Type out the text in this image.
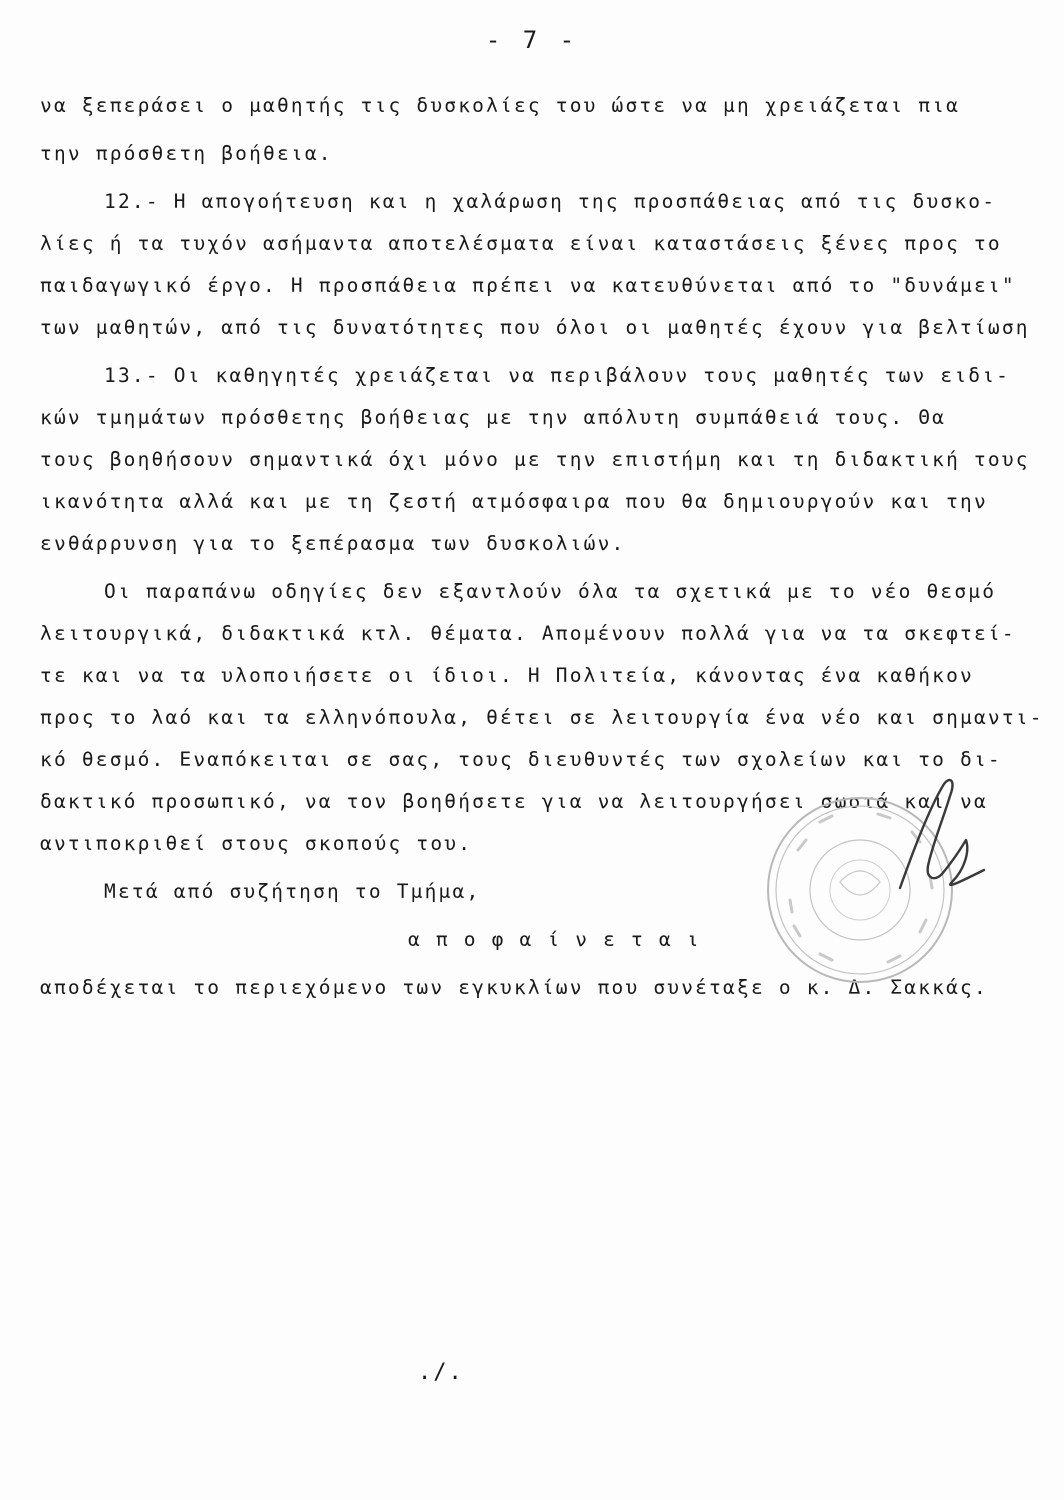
- 7 -
να ξεπεράσει ο μαθητής τις δυσκολίες του ώστε να μη χρειάζεται πια
την πρόσθετη βοήθεια.
12.- Η απογοήτευση και η χαλάρωση της προσπάθειας από τις δυσκο-
λίες ή τα τυχόν ασήμαντα αποτελέσματα είναι καταστάσεις ξένες προς το
παιδαγωγικό έργο. Η προσπάθεια πρέπει να κατευθύνεται από το "δυνάμει"
των μαθητών, από τις δυνατότητες που όλοι οι μαθητές έχουν για βελτίωση
13.- Οι καθηγητές χρειάζεται να περιβάλουν τους μαθητές των ειδι-
κών τμημάτων πρόσθετης βοήθειας με την απόλυτη συμπάθειά τους. Θα
τους βοηθήσουν σημαντικά όχι μόνο με την επιστήμη και τη διδακτική τους
ικανότητα αλλά και με τη ζεστή ατμόσφαιρα που θα δημιουργούν και την
ενθάρρυνση για το ξεπέρασμα των δυσκολιών.
Οι παραπάνω οδηγίες δεν εξαντλούν όλα τα σχετικά με το νέο θεσμό
λειτουργικά, διδακτικά κτλ. θέματα. Απομένουν πολλά για να τα σκεφτεί-
τε και να τα υλοποιήσετε οι ίδιοι. Η Πολιτεία, κάνοντας ένα καθήκον
προς το λαό και τα ελληνόπουλα, θέτει σε λειτουργία ένα νέο και σημαντι-
κό θεσμό. Εναπόκειται σε σας, τους διευθυντές των σχολείων και το δι-
δακτικό προσωπικό, να τον βοηθήσετε για να λειτουργήσει σωστά και να
αντιποκριθεί στους σκοπούς του.
Μετά από συζήτηση το Τμήμα,
α π ο φ α ί ν ε τ α ι
αποδέχεται το περιεχόμενο των εγκυκλίων που συνέταξε ο κ. Δ. Σακκάς.
./.
